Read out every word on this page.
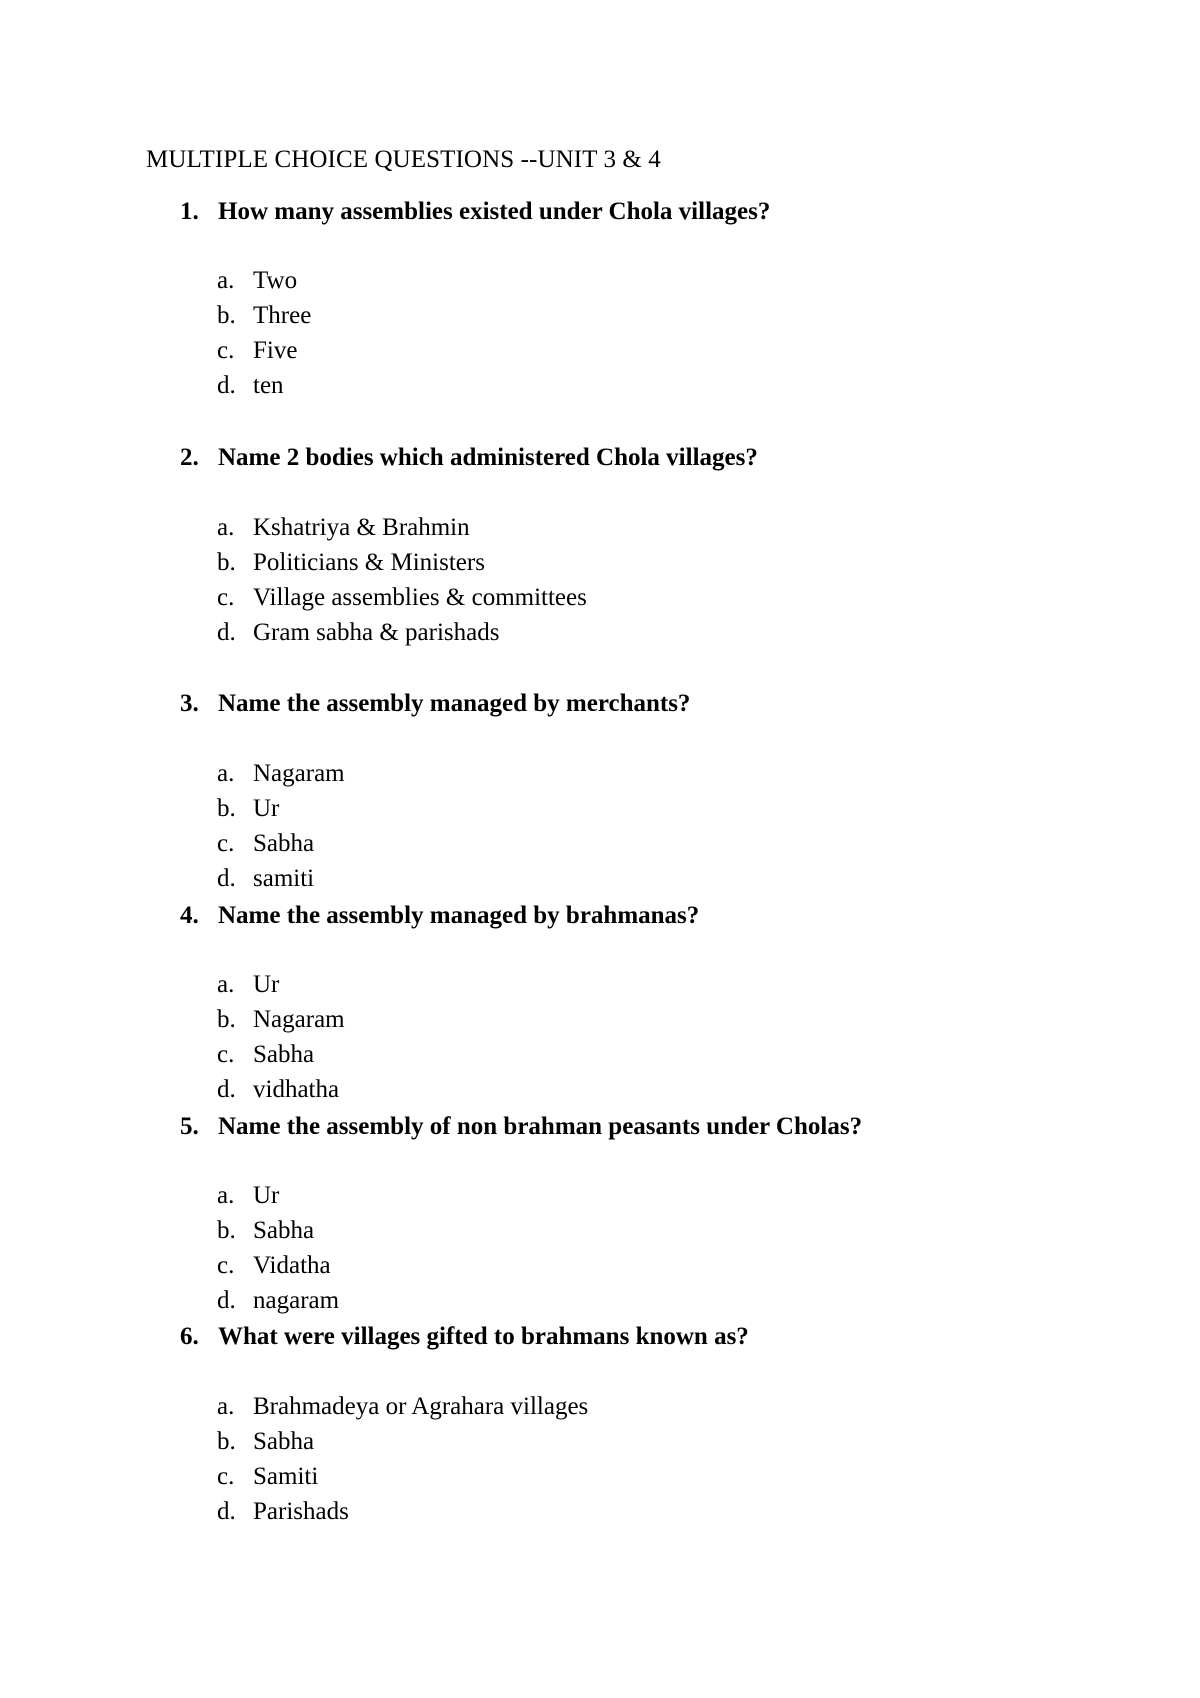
MULTIPLE CHOICE QUESTIONS --UNIT 3 & 4
1. How many assemblies existed under Chola villages?
a. Two
b. Three
c. Five
d. ten
2. Name 2 bodies which administered Chola villages?
a. Kshatriya & Brahmin
b. Politicians & Ministers
c. Village assemblies & committees
d. Gram sabha & parishads
3. Name the assembly managed by merchants?
a. Nagaram
b. Ur
c. Sabha
d. samiti
4. Name the assembly managed by brahmanas?
a. Ur
b. Nagaram
c. Sabha
d. vidhatha
5. Name the assembly of non brahman peasants under Cholas?
a. Ur
b. Sabha
c. Vidatha
d. nagaram
6. What were villages gifted to brahmans known as?
a. Brahmadeya or Agrahara villages
b. Sabha
c. Samiti
d. Parishads
